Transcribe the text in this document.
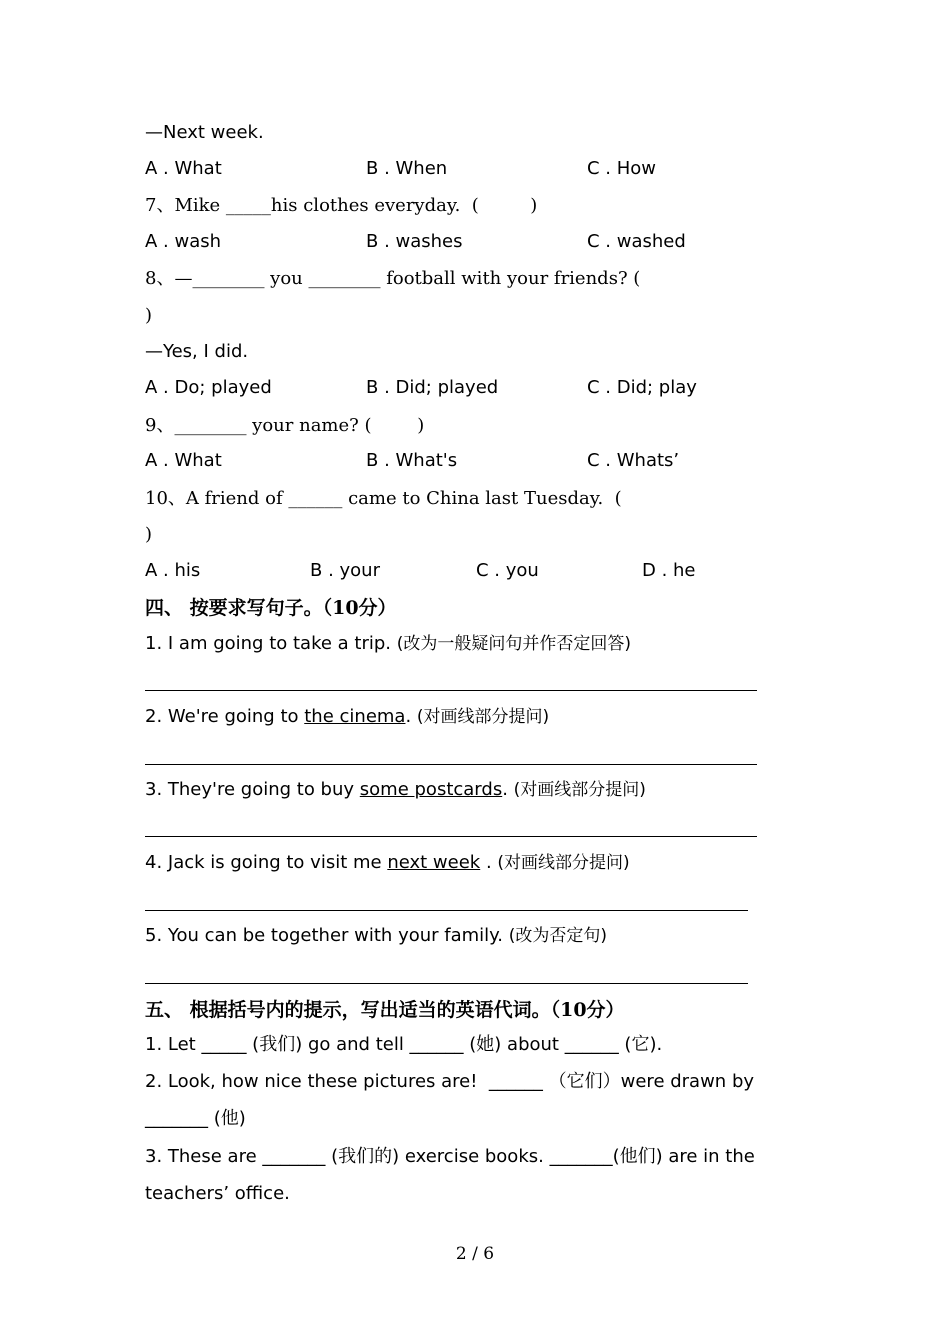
—Next week.
A . What	B . When	C . How
7、Mike _____his clothes everyday.  (         )
A . wash	B . washes	C . washed
8、—________ you ________ football with your friends? (
)
—Yes, I did.
A . Do; played	B . Did; played	C . Did; play
9、________ your name? (        )
A . What	B . What's	C . Whats’
10、A friend of ______ came to China last Tuesday.  (
)
A . his	B . your	C . you	D . he
四、 按要求写句子。（10分）
1. I am going to take a trip. (改为一般疑问句并作否定回答)
2. We're going to the cinema. (对画线部分提问)
3. They're going to buy some postcards. (对画线部分提问)
4. Jack is going to visit me next week . (对画线部分提问)
5. You can be together with your family. (改为否定句)
五、 根据括号内的提示，写出适当的英语代词。（10分）
1. Let _____ (我们) go and tell ______ (她) about ______ (它).
2. Look, how nice these pictures are!  ______ （它们）were drawn by
_______ (他)
3. These are _______ (我们的) exercise books. _______(他们) are in the
teachers’ office.
2 / 6
